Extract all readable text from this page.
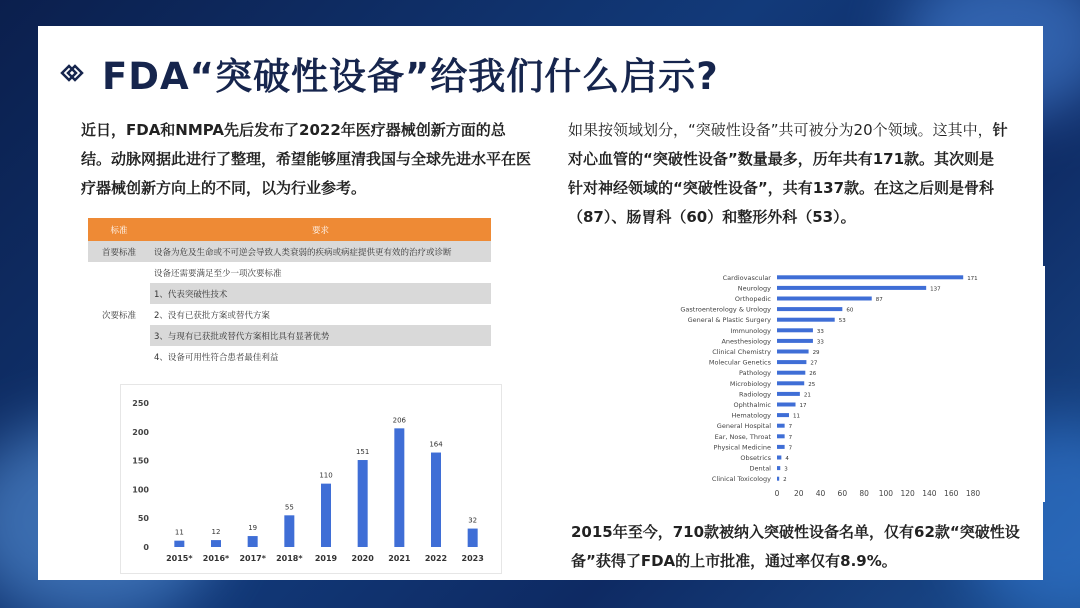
FDA“突破性设备”给我们什么启示?
近日，FDA和NMPA先后发布了2022年医疗器械创新方面的总结。动脉网据此进行了整理，希望能够厘清我国与全球先进水平在医疗器械创新方向上的不同，以为行业参考。
如果按领域划分，“突破性设备”共可被分为20个领域。这其中，针对心血管的“突破性设备”数量最多，历年共有171款。其次则是针对神经领域的“突破性设备”，共有137款。在这之后则是骨科（87）、肠胃科（60）和整形外科（53）。
标准	要求
首要标准	设备为危及生命或不可逆会导致人类衰弱的疾病或病症提供更有效的治疗或诊断
次要标准	设备还需要满足至少一项次要标准
	1、代表突破性技术
	2、没有已获批方案或替代方案
	3、与现有已获批或替代方案相比具有显著优势
	4、设备可用性符合患者最佳利益
0
50
100
150
200
250
11
2015*
12
2016*
19
2017*
55
2018*
110
2019
151
2020
206
2021
164
2022
32
2023
Cardiovascular	171
Neurology	137
Orthopedic	87
Gastroenterology & Urology	60
General & Plastic Surgery	53
Immunology	33
Anesthesiology	33
Clinical Chemistry	29
Molecular Genetics	27
Pathology	26
Microbiology	25
Radiology	21
Ophthalmic	17
Hematology	11
General Hospital	7
Ear, Nose, Throat	7
Physical Medicine	7
Obsetrics	4
Dental 3
Clinical Toxicology 2
0 20 40 60 80 100 120 140 160 180
2015年至今，710款被纳入突破性设备名单，仅有62款“突破性设备”获得了FDA的上市批准，通过率仅有8.9%。
